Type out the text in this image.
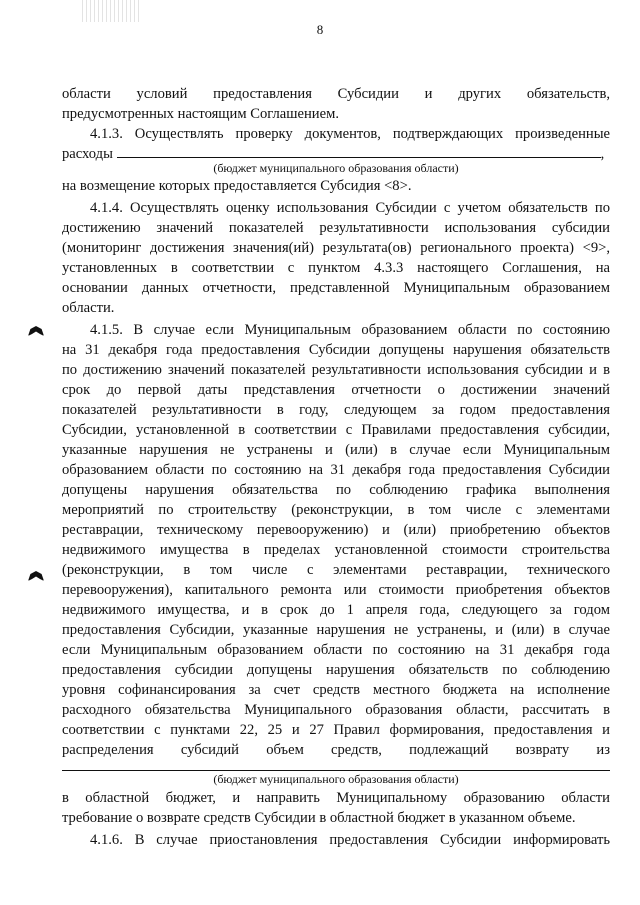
8
области условий предоставления Субсидии и других обязательств,
предусмотренных настоящим Соглашением.
4.1.3. Осуществлять проверку документов, подтверждающих произведенные
расходы	,
(бюджет муниципального образования области)
на возмещение которых предоставляется Субсидия <8>.
4.1.4. Осуществлять оценку использования Субсидии с учетом обязательств по
достижению значений показателей результативности использования субсидии
(мониторинг достижения значения(ий) результата(ов) регионального проекта) <9>,
установленных в соответствии с пунктом 4.3.3 настоящего Соглашения, на
основании данных отчетности, представленной Муниципальным образованием
области.
4.1.5. В случае если Муниципальным образованием области по состоянию
на 31 декабря года предоставления Субсидии допущены нарушения обязательств
по достижению значений показателей результативности использования субсидии и в
срок до первой даты представления отчетности о достижении значений
показателей результативности в году, следующем за годом предоставления
Субсидии, установленной в соответствии с Правилами предоставления субсидии,
указанные нарушения не устранены и (или) в случае если Муниципальным
образованием области по состоянию на 31 декабря года предоставления Субсидии
допущены нарушения обязательства по соблюдению графика выполнения
мероприятий по строительству (реконструкции, в том числе с элементами
реставрации, техническому перевооружению) и (или) приобретению объектов
недвижимого имущества в пределах установленной стоимости строительства
(реконструкции, в том числе с элементами реставрации, технического
перевооружения), капитального ремонта или стоимости приобретения объектов
недвижимого имущества, и в срок до 1 апреля года, следующего за годом
предоставления Субсидии, указанные нарушения не устранены, и (или) в случае
если Муниципальным образованием области по состоянию на 31 декабря года
предоставления субсидии допущены нарушения обязательств по соблюдению
уровня софинансирования за счет средств местного бюджета на исполнение
расходного обязательства Муниципального образования области, рассчитать в
соответствии с пунктами 22, 25 и 27 Правил формирования, предоставления и
распределения субсидий объем средств, подлежащий возврату из
(бюджет муниципального образования области)
в областной бюджет, и направить Муниципальному образованию области
требование о возврате средств Субсидии в областной бюджет в указанном объеме.
4.1.6. В случае приостановления предоставления Субсидии информировать
